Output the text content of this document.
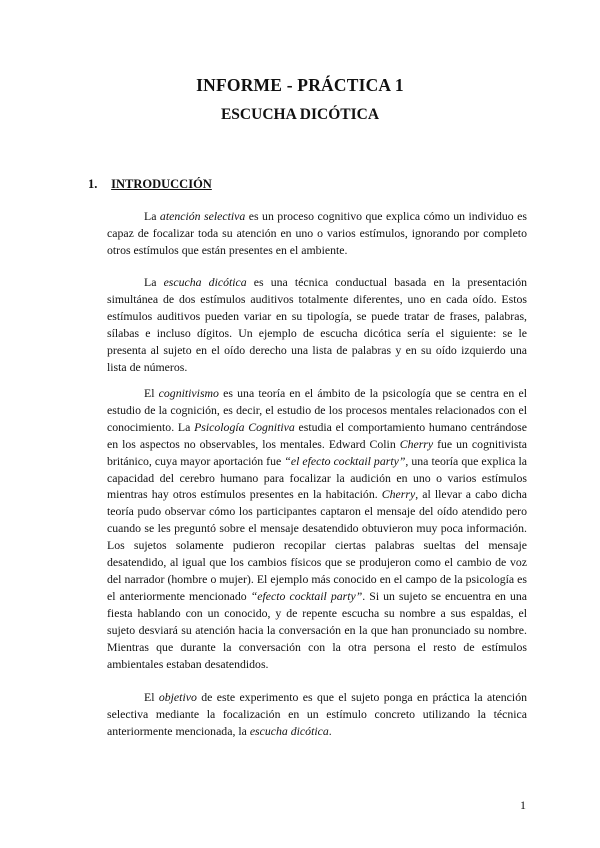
INFORME - PRÁCTICA 1
ESCUCHA DICÓTICA
1. INTRODUCCIÓN

La atención selectiva es un proceso cognitivo que explica cómo un individuo es capaz de focalizar toda su atención en uno o varios estímulos, ignorando por completo otros estímulos que están presentes en el ambiente.

La escucha dicótica es una técnica conductual basada en la presentación simultánea de dos estímulos auditivos totalmente diferentes, uno en cada oído. Estos estímulos auditivos pueden variar en su tipología, se puede tratar de frases, palabras, sílabas e incluso dígitos. Un ejemplo de escucha dicótica sería el siguiente: se le presenta al sujeto en el oído derecho una lista de palabras y en su oído izquierdo una lista de números.

El cognitivismo es una teoría en el ámbito de la psicología que se centra en el estudio de la cognición, es decir, el estudio de los procesos mentales relacionados con el conocimiento. La Psicología Cognitiva estudia el comportamiento humano centrándose en los aspectos no observables, los mentales. Edward Colin Cherry fue un cognitivista británico, cuya mayor aportación fue “el efecto cocktail party”, una teoría que explica la capacidad del cerebro humano para focalizar la audición en uno o varios estímulos mientras hay otros estímulos presentes en la habitación. Cherry, al llevar a cabo dicha teoría pudo observar cómo los participantes captaron el mensaje del oído atendido pero cuando se les preguntó sobre el mensaje desatendido obtuvieron muy poca información. Los sujetos solamente pudieron recopilar ciertas palabras sueltas del mensaje desatendido, al igual que los cambios físicos que se produjeron como el cambio de voz del narrador (hombre o mujer). El ejemplo más conocido en el campo de la psicología es el anteriormente mencionado “efecto cocktail party”. Si un sujeto se encuentra en una fiesta hablando con un conocido, y de repente escucha su nombre a sus espaldas, el sujeto desviará su atención hacia la conversación en la que han pronunciado su nombre. Mientras que durante la conversación con la otra persona el resto de estímulos ambientales estaban desatendidos.

El objetivo de este experimento es que el sujeto ponga en práctica la atención selectiva mediante la focalización en un estímulo concreto utilizando la técnica anteriormente mencionada, la escucha dicótica.

1
